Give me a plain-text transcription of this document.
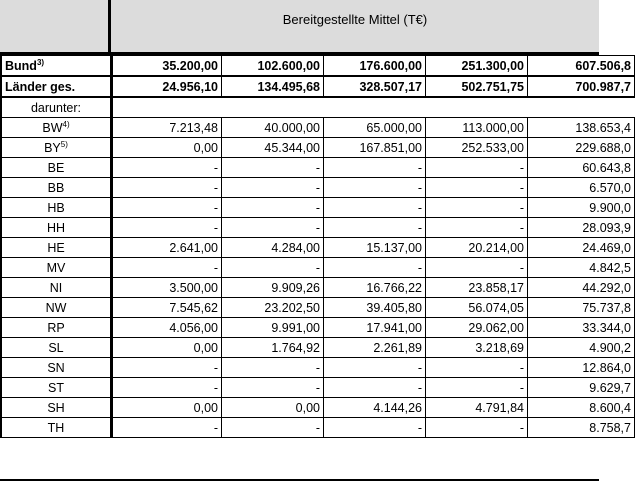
Bereitgestellte Mittel (T€)
Bund$^{3)}$	35.200,00	102.600,00	176.600,00	251.300,00	607.506,8
Länder ges.	24.956,10	134.495,68	328.507,17	502.751,75	700.987,7
darunter:					
BW$^{4)}$	7.213,48	40.000,00	65.000,00	113.000,00	138.653,4
BY$^{5)}$	0,00	45.344,00	167.851,00	252.533,00	229.688,0
BE	-	-	-	-	60.643,8
BB	-	-	-	-	6.570,0
HB	-	-	-	-	9.900,0
HH	-	-	-	-	28.093,9
HE	2.641,00	4.284,00	15.137,00	20.214,00	24.469,0
MV	-	-	-	-	4.842,5
NI	3.500,00	9.909,26	16.766,22	23.858,17	44.292,0
NW	7.545,62	23.202,50	39.405,80	56.074,05	75.737,8
RP	4.056,00	9.991,00	17.941,00	29.062,00	33.344,0
SL	0,00	1.764,92	2.261,89	3.218,69	4.900,2
SN	-	-	-	-	12.864,0
ST	-	-	-	-	9.629,7
SH	0,00	0,00	4.144,26	4.791,84	8.600,4
TH	-	-	-	-	8.758,7
